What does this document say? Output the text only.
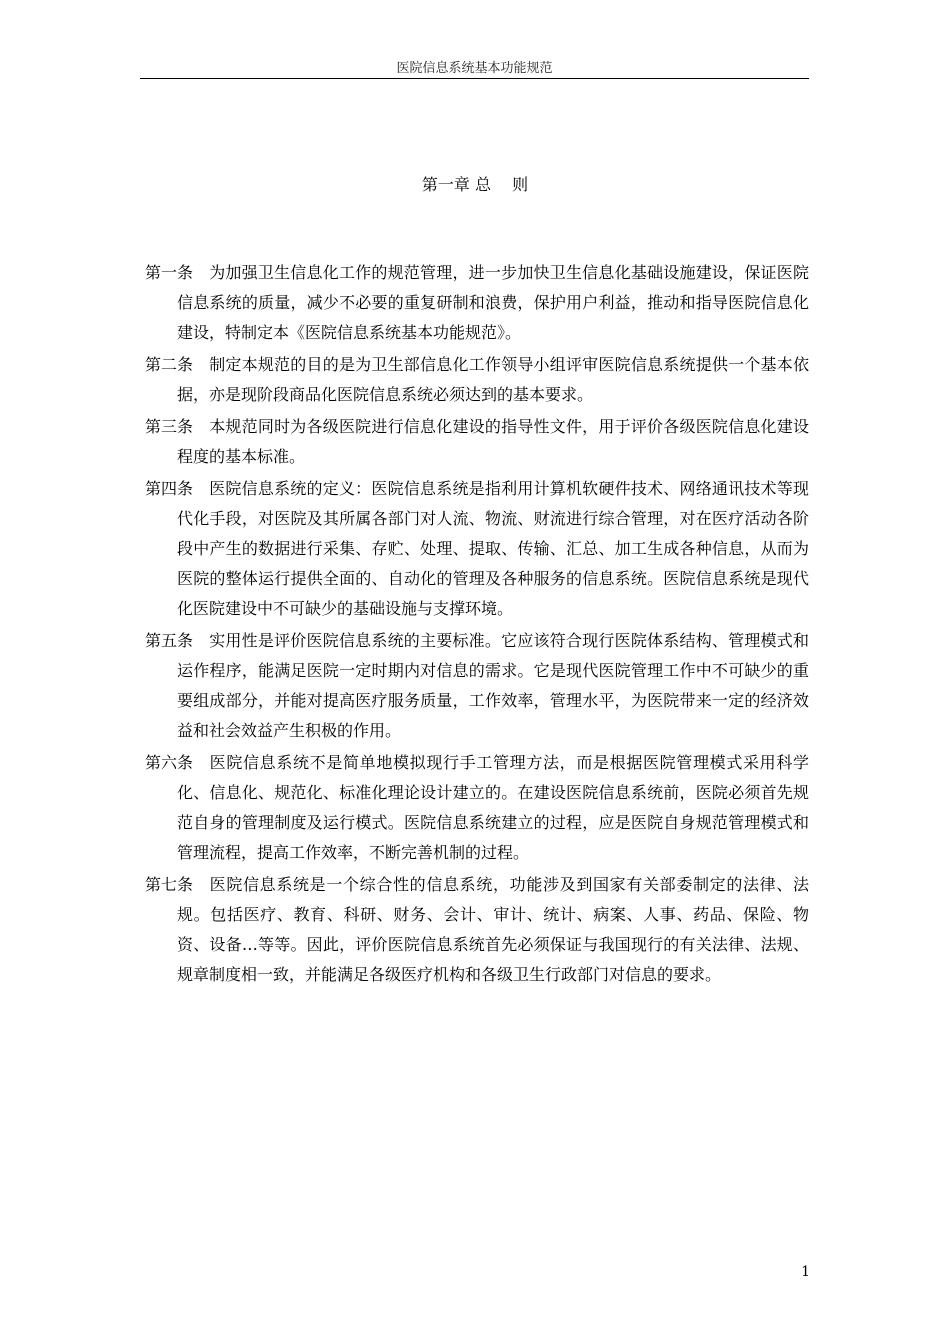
医院信息系统基本功能规范
第一章 总　 则

第一条 为加强卫生信息化工作的规范管理，进一步加快卫生信息化基础设施建设，保证医院信息系统的质量，减少不必要的重复研制和浪费，保护用户利益，推动和指导医院信息化建设，特制定本《医院信息系统基本功能规范》。

第二条 制定本规范的目的是为卫生部信息化工作领导小组评审医院信息系统提供一个基本依据，亦是现阶段商品化医院信息系统必须达到的基本要求。

第三条 本规范同时为各级医院进行信息化建设的指导性文件，用于评价各级医院信息化建设程度的基本标准。

第四条 医院信息系统的定义：医院信息系统是指利用计算机软硬件技术、网络通讯技术等现代化手段，对医院及其所属各部门对人流、物流、财流进行综合管理，对在医疗活动各阶段中产生的数据进行采集、存贮、处理、提取、传输、汇总、加工生成各种信息，从而为医院的整体运行提供全面的、自动化的管理及各种服务的信息系统。医院信息系统是现代化医院建设中不可缺少的基础设施与支撑环境。

第五条 实用性是评价医院信息系统的主要标准。它应该符合现行医院体系结构、管理模式和运作程序，能满足医院一定时期内对信息的需求。它是现代医院管理工作中不可缺少的重要组成部分，并能对提高医疗服务质量，工作效率，管理水平，为医院带来一定的经济效益和社会效益产生积极的作用。

第六条 医院信息系统不是简单地模拟现行手工管理方法，而是根据医院管理模式采用科学化、信息化、规范化、标准化理论设计建立的。在建设医院信息系统前，医院必须首先规范自身的管理制度及运行模式。医院信息系统建立的过程，应是医院自身规范管理模式和管理流程，提高工作效率，不断完善机制的过程。

第七条 医院信息系统是一个综合性的信息系统，功能涉及到国家有关部委制定的法律、法规。包括医疗、教育、科研、财务、会计、审计、统计、病案、人事、药品、保险、物资、设备…等等。因此，评价医院信息系统首先必须保证与我国现行的有关法律、法规、规章制度相一致，并能满足各级医疗机构和各级卫生行政部门对信息的要求。

1
